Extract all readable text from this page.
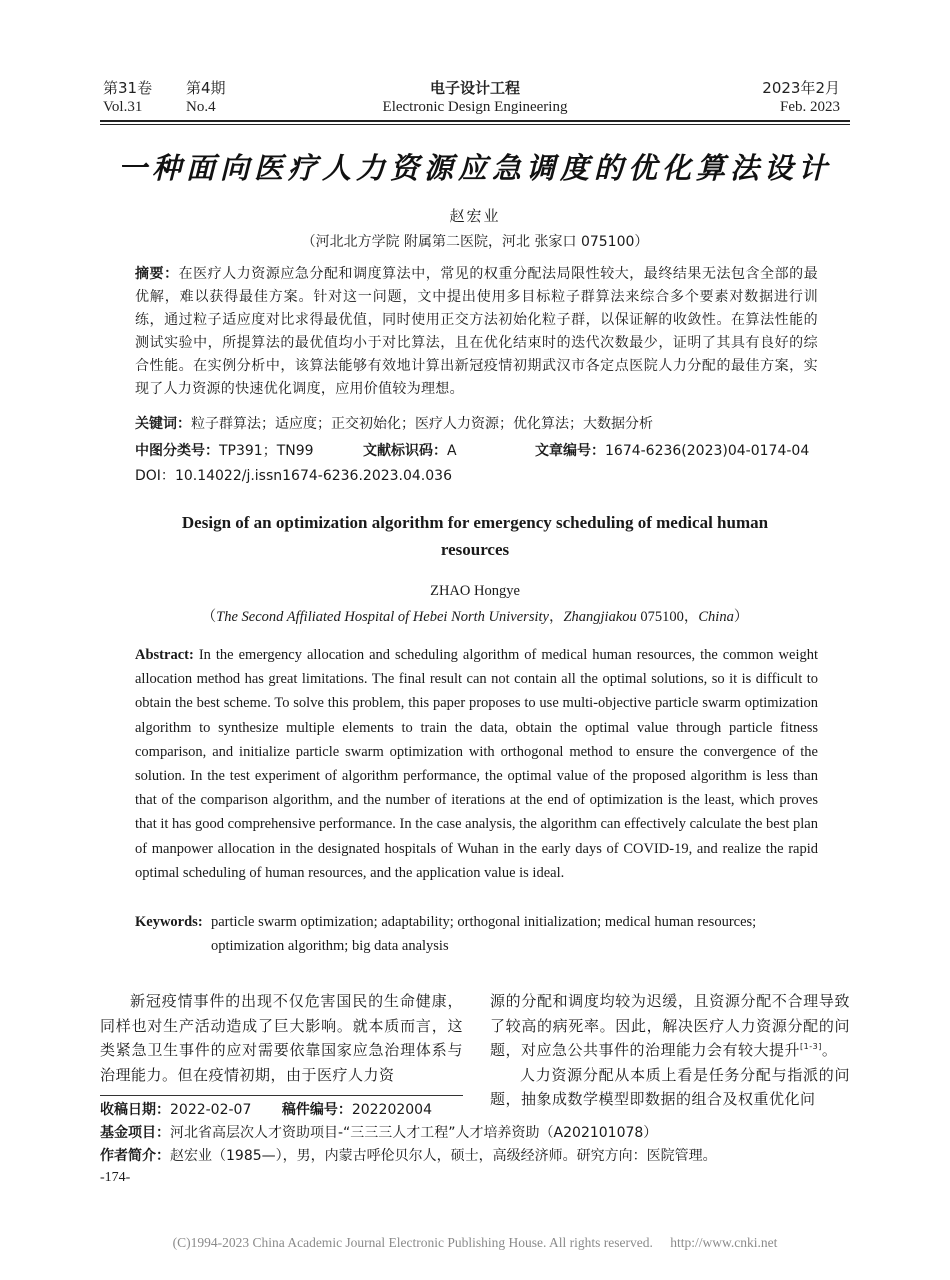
第31卷 第4期
Vol.31	No.4
电子设计工程
Electronic Design Engineering
2023年2月
Feb. 2023
一种面向医疗人力资源应急调度的优化算法设计
赵宏业
（河北北方学院 附属第二医院，河北 张家口 075100）
摘要：在医疗人力资源应急分配和调度算法中，常见的权重分配法局限性较大，最终结果无法包含全部的最优解，难以获得最佳方案。针对这一问题，文中提出使用多目标粒子群算法来综合多个要素对数据进行训练，通过粒子适应度对比求得最优值，同时使用正交方法初始化粒子群，以保证解的收敛性。在算法性能的测试实验中，所提算法的最优值均小于对比算法，且在优化结束时的迭代次数最少，证明了其具有良好的综合性能。在实例分析中，该算法能够有效地计算出新冠疫情初期武汉市各定点医院人力分配的最佳方案，实现了人力资源的快速优化调度，应用价值较为理想。
关键词：粒子群算法；适应度；正交初始化；医疗人力资源；优化算法；大数据分析
中图分类号：TP391；TN99	文献标识码：A	文章编号：1674-6236(2023)04-0174-04
DOI：10.14022/j.issn1674-6236.2023.04.036
Design of an optimization algorithm for emergency scheduling of medical human resources
ZHAO Hongye
（The Second Affiliated Hospital of Hebei North University，Zhangjiakou 075100，China）
Abstract: In the emergency allocation and scheduling algorithm of medical human resources, the common weight allocation method has great limitations. The final result can not contain all the optimal solutions, so it is difficult to obtain the best scheme. To solve this problem, this paper proposes to use multi-objective particle swarm optimization algorithm to synthesize multiple elements to train the data, obtain the optimal value through particle fitness comparison, and initialize particle swarm optimization with orthogonal method to ensure the convergence of the solution. In the test experiment of algorithm performance, the optimal value of the proposed algorithm is less than that of the comparison algorithm, and the number of iterations at the end of optimization is the least, which proves that it has good comprehensive performance. In the case analysis, the algorithm can effectively calculate the best plan of manpower allocation in the designated hospitals of Wuhan in the early days of COVID-19, and realize the rapid optimal scheduling of human resources, and the application value is ideal.
Keywords: particle swarm optimization; adaptability; orthogonal initialization; medical human resources; optimization algorithm; big data analysis
新冠疫情事件的出现不仅危害国民的生命健康，同样也对生产活动造成了巨大影响。就本质而言，这类紧急卫生事件的应对需要依靠国家应急治理体系与治理能力。但在疫情初期，由于医疗人力资
源的分配和调度均较为迟缓，且资源分配不合理导致了较高的病死率。因此，解决医疗人力资源分配的问题，对应急公共事件的治理能力会有较大提升[1-3]。
人力资源分配从本质上看是任务分配与指派的问题，抽象成数学模型即数据的组合及权重优化问
收稿日期：2022-02-07 稿件编号：202202004
基金项目：河北省高层次人才资助项目-“三三三人才工程”人才培养资助（A202101078）
作者简介：赵宏业（1985—），男，内蒙古呼伦贝尔人，硕士，高级经济师。研究方向：医院管理。
-174-
(C)1994-2023 China Academic Journal Electronic Publishing House. All rights reserved. http://www.cnki.net
